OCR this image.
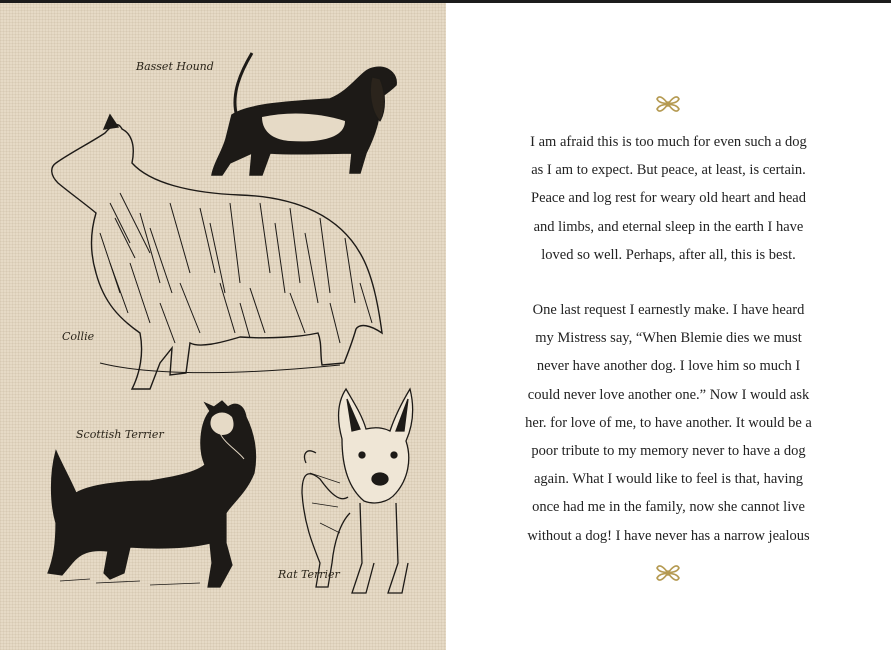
Basset Hound
Collie
Scottish Terrier
Rat Terrier

I am afraid this is too much for even such a dog
as I am to expect. But peace, at least, is certain.
Peace and log rest for weary old heart and head
and limbs, and eternal sleep in the earth I have
loved so well. Perhaps, after all, this is best.

One last request I earnestly make. I have heard
my Mistress say, “When Blemie dies we must
never have another dog. I love him so much I
could never love another one.” Now I would ask
her. for love of me, to have another. It would be a
poor tribute to my memory never to have a dog
again. What I would like to feel is that, having
once had me in the family, now she cannot live
without a dog! I have never has a narrow jealous
